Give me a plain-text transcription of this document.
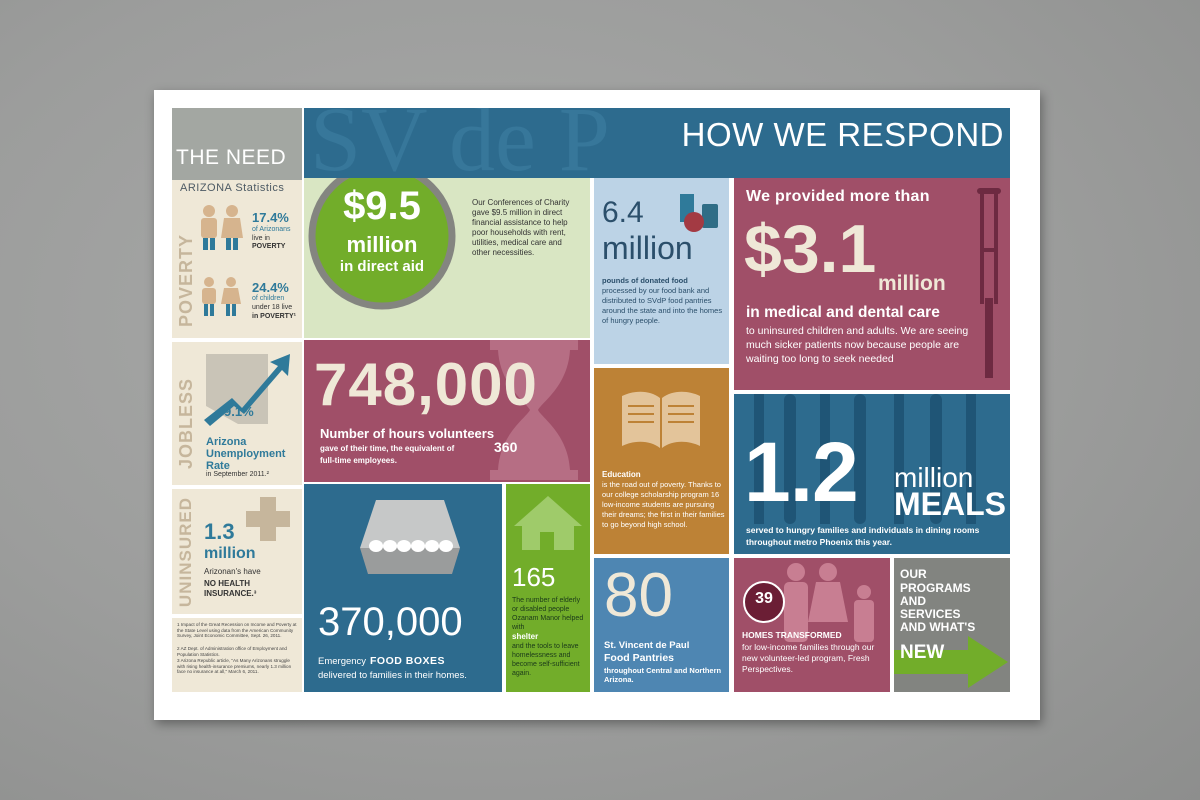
THE NEED
ARIZONA Statistics
POVERTY
17.4%
of Arizonans
live in
POVERTY
24.4%
of children
under 18 live
in POVERTY¹
JOBLESS 9.1%
Arizona Unemployment Rate
in September 2011.²
UNINSURED 1.3
million
Arizonan's have
NO HEALTH
INSURANCE.³
1 Impact of the Great Recession on Income and Poverty at the State Level using data from the American Community Survey, Joint Economic Committee, Sept. 26, 2011.
2 AZ Dept. of Administration office of Employment and Population Statistics.
3 Arizona Republic article, "As Many Arizonans struggle with rising health-insurance premiums, nearly 1.3 million face no insurance at all," March 6, 2011.
SV de P HOW WE RESPOND
$9.5
million
in direct aid
Our Conferences of Charity gave $9.5 million in direct financial assistance to help poor households with rent, utilities, medical care and other necessities.
6.4
million
pounds of donated food
processed by our food bank and distributed to SVdP food pantries around the state and into the homes of hungry people.
We provided more than
$3.1 million
in medical and dental care
to uninsured children and adults. We are seeing much sicker patients now because people are waiting too long to seek needed
748,000
Number of hours volunteers
gave of their time, the equivalent of	360
full-time employees.
Education
is the road out of poverty. Thanks to our college scholarship program 16 low-income students are pursuing their dreams; the first in their families to go beyond high school.
1.2 million
MEALS
served to hungry families and individuals in dining rooms throughout metro Phoenix this year.
370,000
Emergency FOOD BOXES
delivered to families in their homes.
165
The number of elderly or disabled people Ozanam Manor helped with
shelter
and the tools to leave homelessness and become self-sufficient again.
80
St. Vincent de Paul
Food Pantries
throughout Central and Northern Arizona.
39
HOMES TRANSFORMED
for low-income families through our new volunteer-led program, Fresh Perspectives.
OUR
PROGRAMS
AND
SERVICES
AND WHAT'S
NEW
